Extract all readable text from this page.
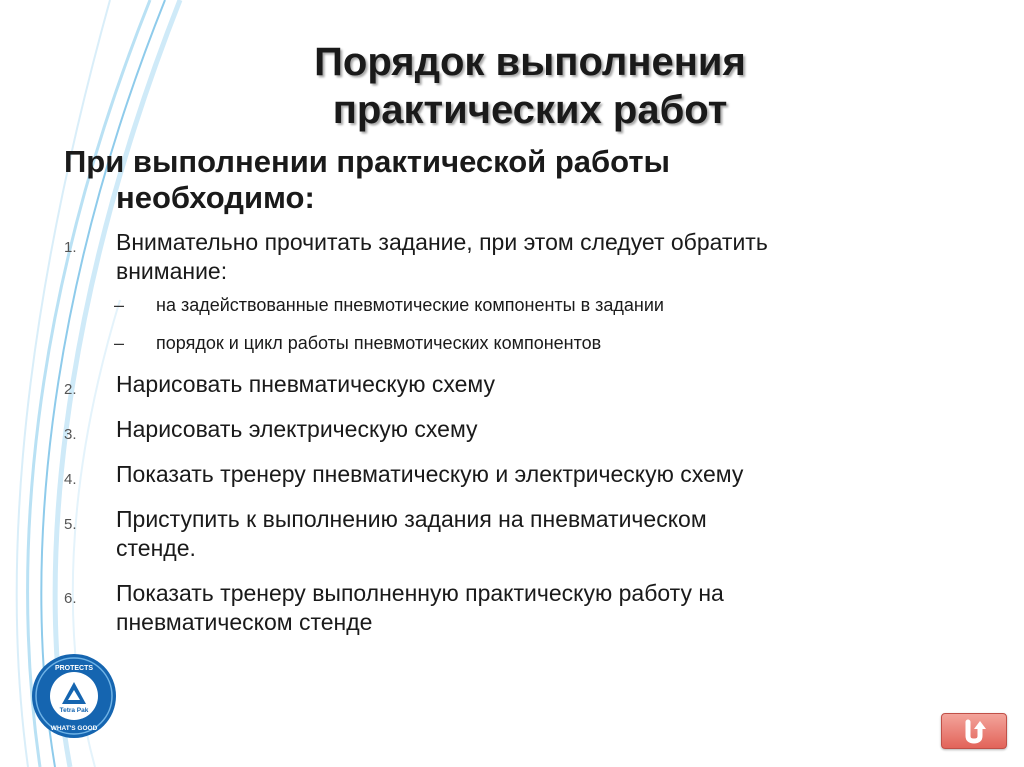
Порядок выполнения
практических работ
При выполнении практической работы
необходимо:
1. Внимательно прочитать задание, при этом следует обратить
внимание:
– на задействованные пневмотические компоненты в задании
– порядок и цикл работы пневмотических компонентов
2. Нарисовать пневматическую схему
3. Нарисовать электрическую схему
4. Показать тренеру пневматическую и электрическую схему
5. Приступить к выполнению задания на пневматическом
стенде.
6. Показать тренеру выполненную практическую работу на
пневматическом стенде
PROTECTS
Tetra Pak
WHAT'S GOOD
